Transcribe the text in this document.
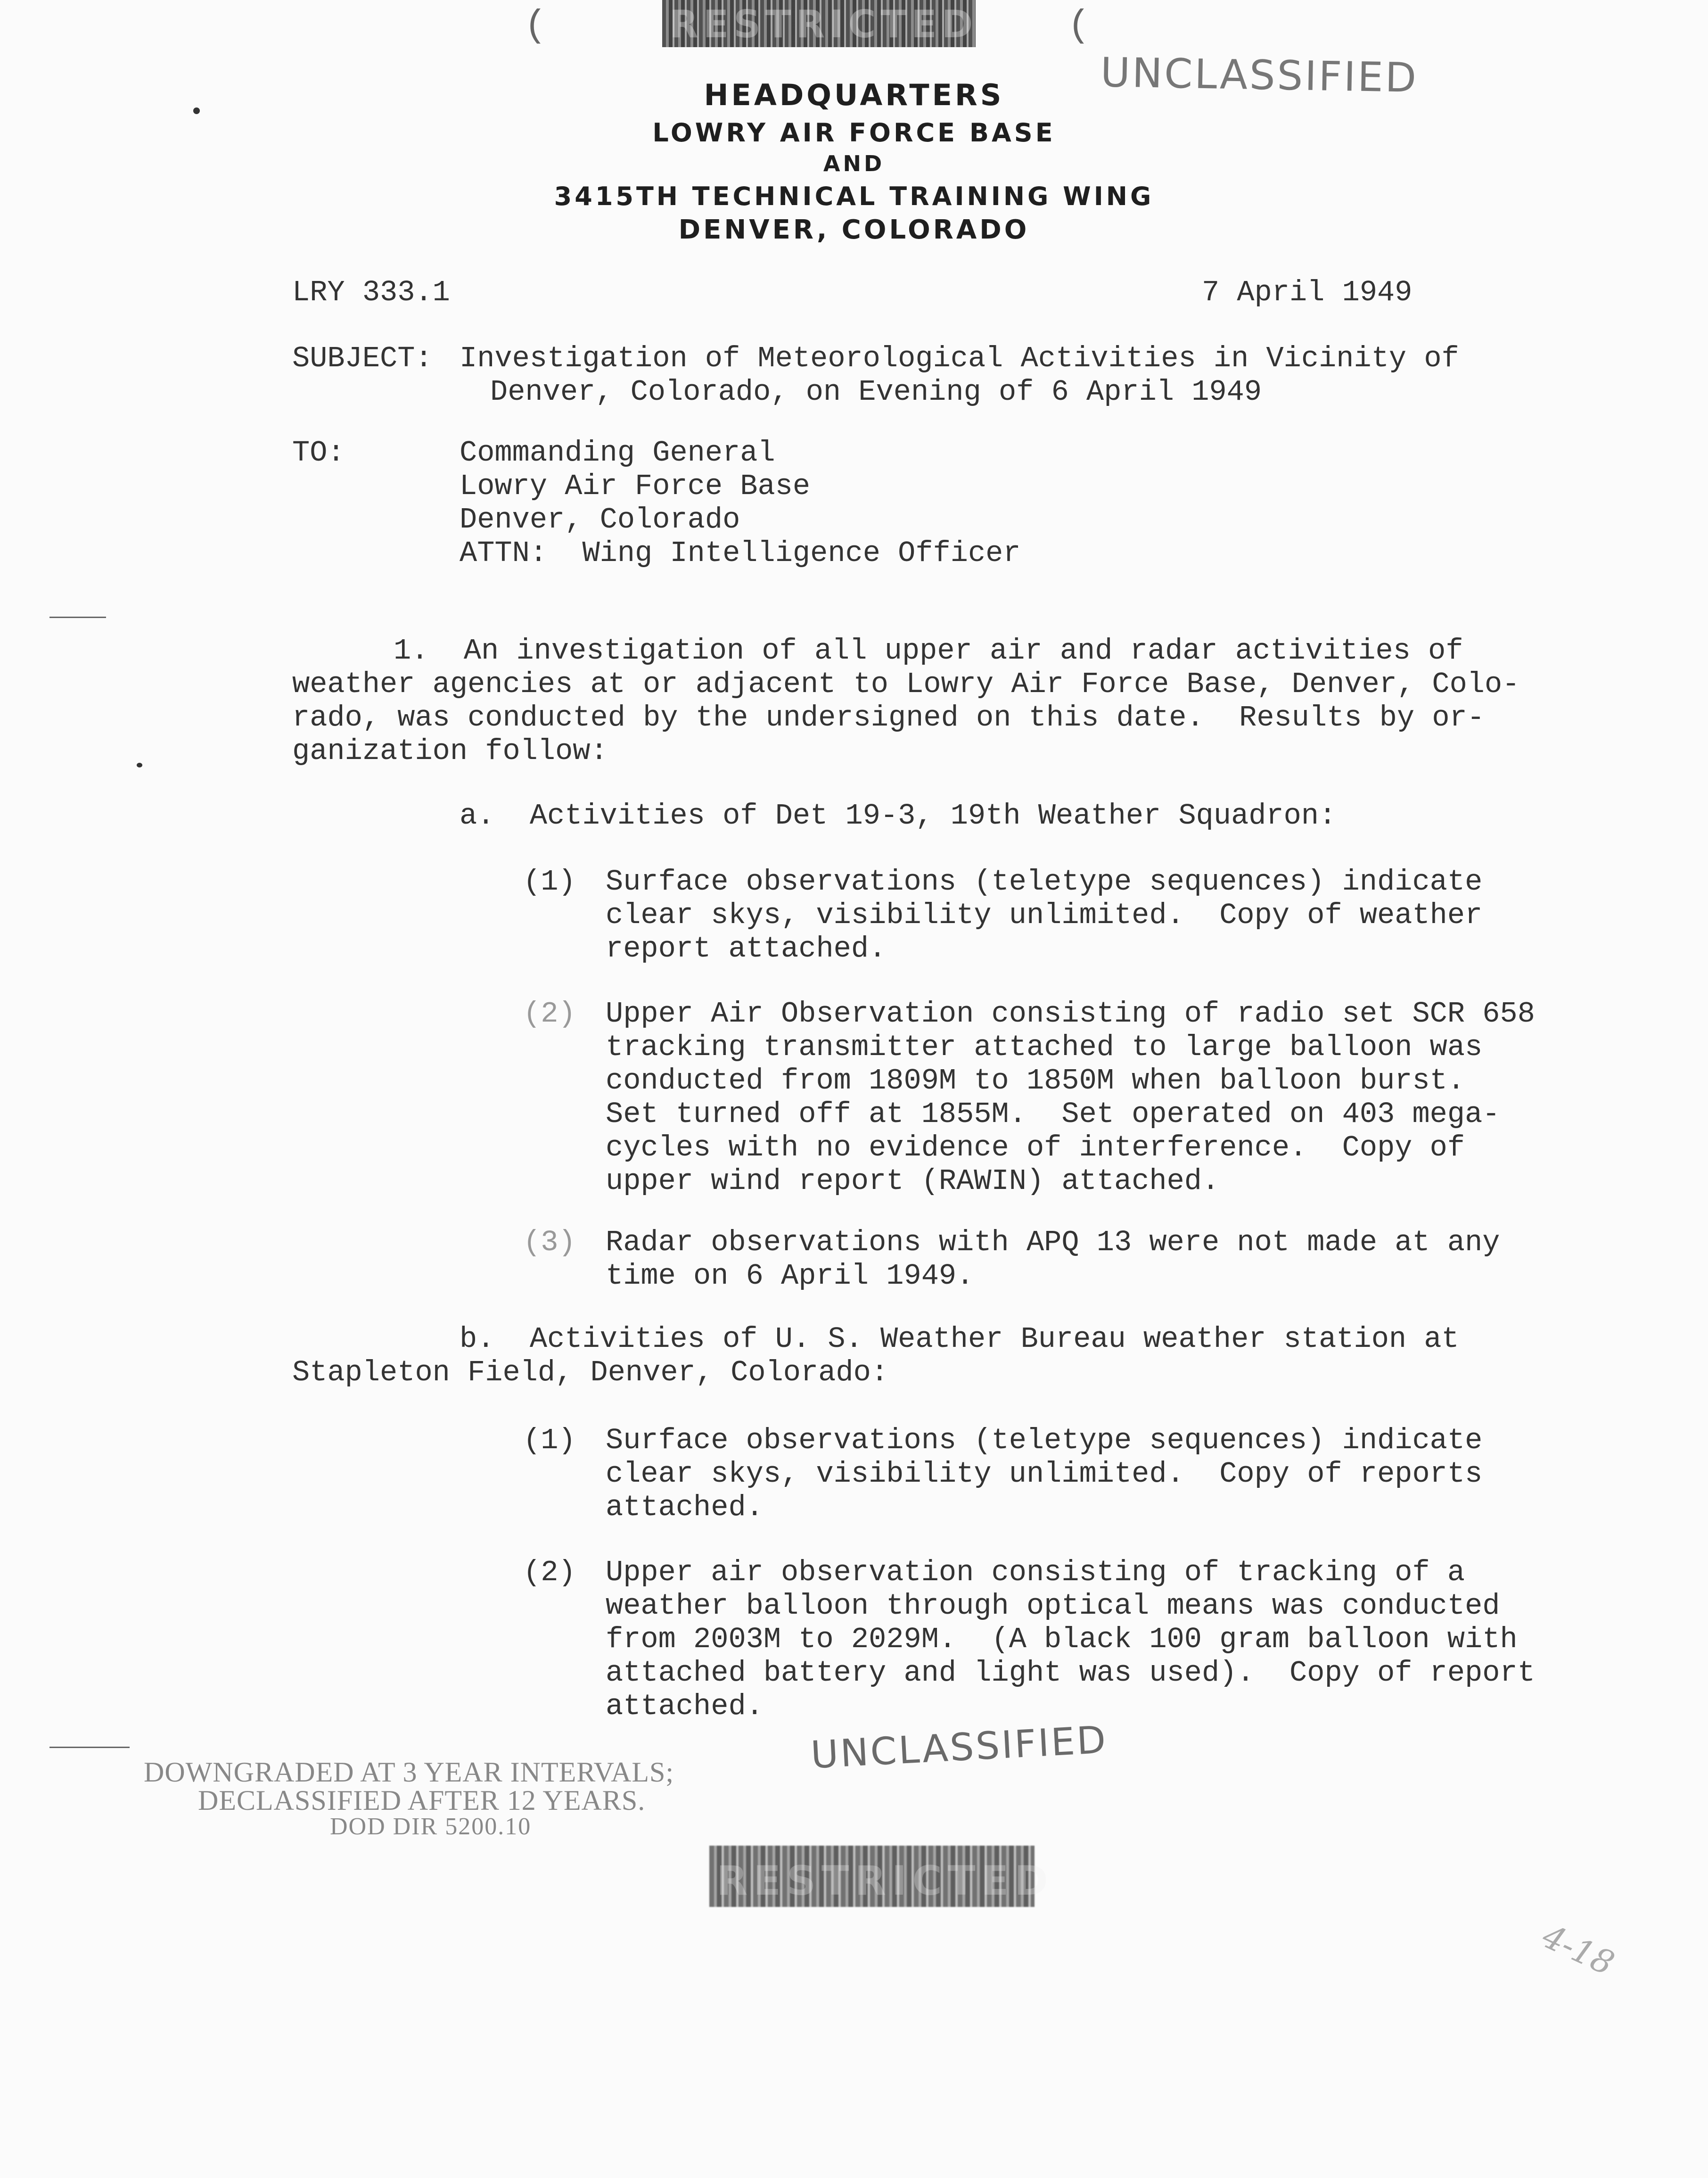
RESTRICTED
(	(
UNCLASSIFIED
HEADQUARTERS
LOWRY AIR FORCE BASE
AND
3415TH TECHNICAL TRAINING WING
DENVER, COLORADO
LRY 333.1	7 April 1949
SUBJECT: Investigation of Meteorological Activities in Vicinity of
Denver, Colorado, on Evening of 6 April 1949
TO:	Commanding General
Lowry Air Force Base
Denver, Colorado
ATTN:  Wing Intelligence Officer
1.  An investigation of all upper air and radar activities of
weather agencies at or adjacent to Lowry Air Force Base, Denver, Colo-
rado, was conducted by the undersigned on this date.  Results by or-
ganization follow:
a.  Activities of Det 19-3, 19th Weather Squadron:
(1) Surface observations (teletype sequences) indicate
clear skys, visibility unlimited.  Copy of weather
report attached.
(2) Upper Air Observation consisting of radio set SCR 658
tracking transmitter attached to large balloon was
conducted from 1809M to 1850M when balloon burst.
Set turned off at 1855M.  Set operated on 403 mega-
cycles with no evidence of interference.  Copy of
upper wind report (RAWIN) attached.
(3) Radar observations with APQ 13 were not made at any
time on 6 April 1949.
b.  Activities of U. S. Weather Bureau weather station at
Stapleton Field, Denver, Colorado:
(1) Surface observations (teletype sequences) indicate
clear skys, visibility unlimited.  Copy of reports
attached.
(2) Upper air observation consisting of tracking of a
weather balloon through optical means was conducted
from 2003M to 2029M.  (A black 100 gram balloon with
attached battery and light was used).  Copy of report
attached.
DOWNGRADED AT 3 YEAR INTERVALS;
DECLASSIFIED AFTER 12 YEARS.
DOD DIR 5200.10
UNCLASSIFIED
RESTRICTED
4-18
